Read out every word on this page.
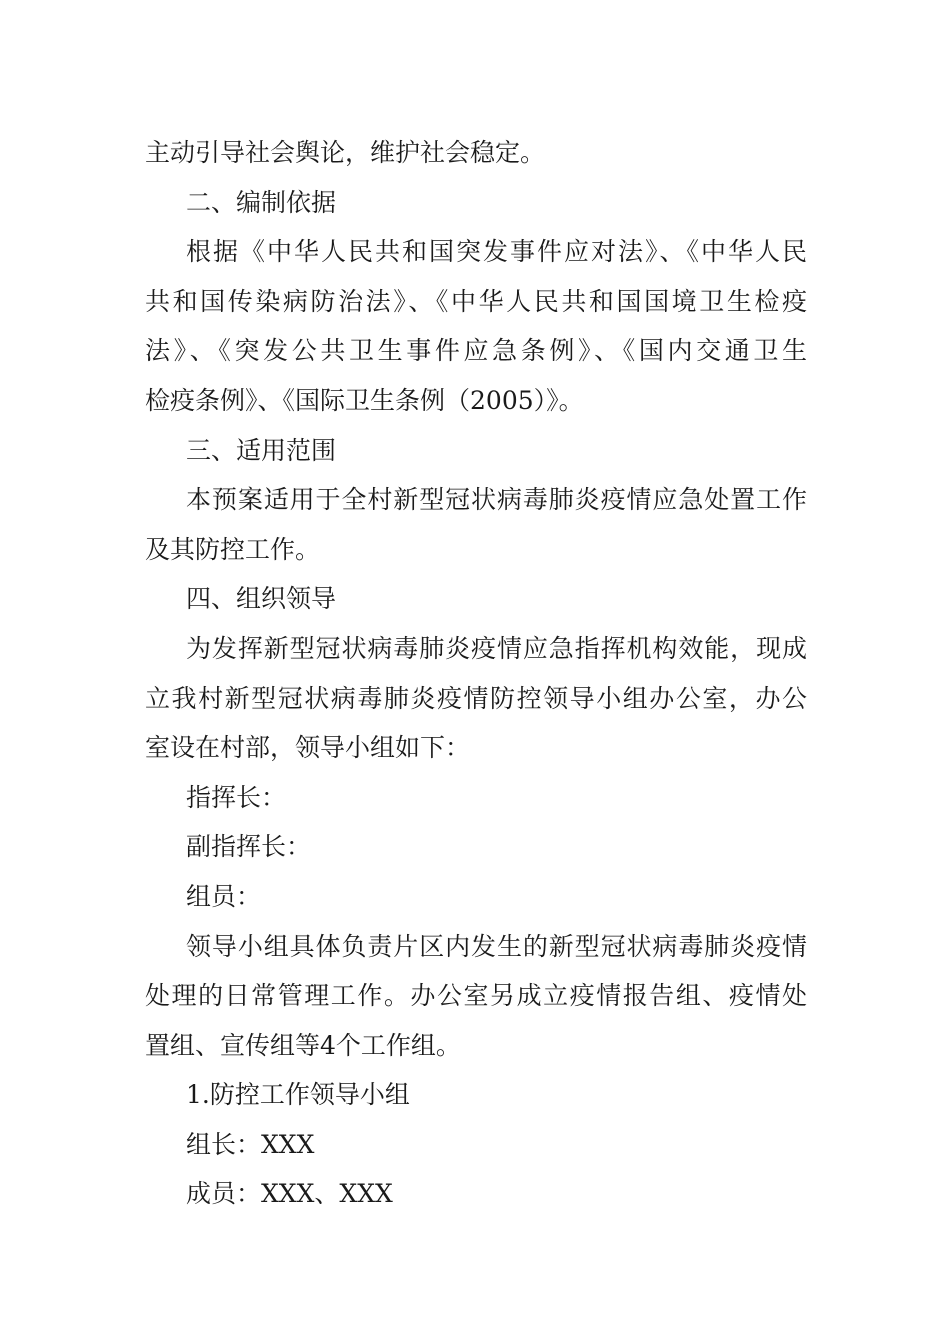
主动引导社会舆论，维护社会稳定。
二、编制依据
根据《中华人民共和国突发事件应对法》、《中华人民
共和国传染病防治法》、《中华人民共和国国境卫生检疫
法》、《突发公共卫生事件应急条例》、《国内交通卫生
检疫条例》、《国际卫生条例（2005）》。
三、适用范围
本预案适用于全村新型冠状病毒肺炎疫情应急处置工作
及其防控工作。
四、组织领导
为发挥新型冠状病毒肺炎疫情应急指挥机构效能，现成
立我村新型冠状病毒肺炎疫情防控领导小组办公室，办公
室设在村部，领导小组如下：
指挥长：
副指挥长：
组员：
领导小组具体负责片区内发生的新型冠状病毒肺炎疫情
处理的日常管理工作。办公室另成立疫情报告组、疫情处
置组、宣传组等4个工作组。
1.防控工作领导小组
组长：XXX
成员：XXX、XXX
